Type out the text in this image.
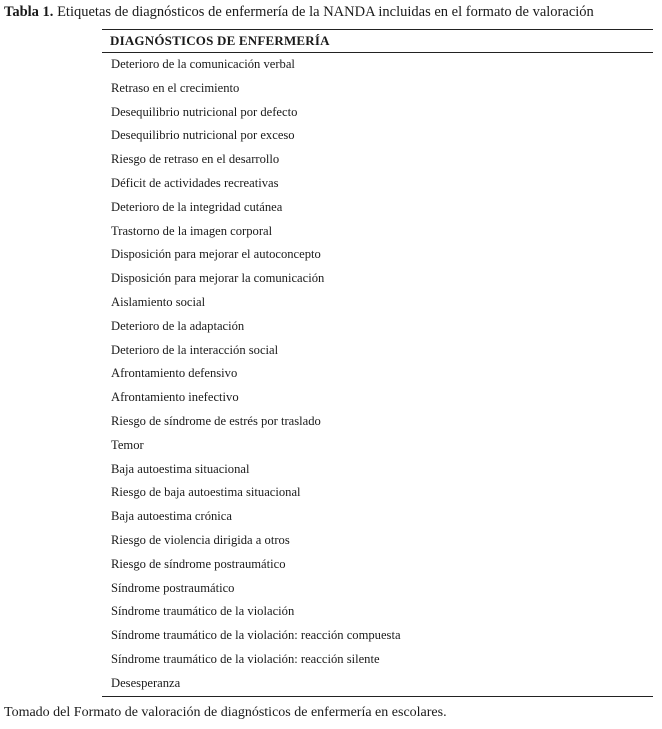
Tabla 1. Etiquetas de diagnósticos de enfermería de la NANDA incluidas en el formato de valoración
DIAGNÓSTICOS DE ENFERMERÍA
Deterioro de la comunicación verbal
Retraso en el crecimiento
Desequilibrio nutricional por defecto
Desequilibrio nutricional por exceso
Riesgo de retraso en el desarrollo
Déficit de actividades recreativas
Deterioro de la integridad cutánea
Trastorno de la imagen corporal
Disposición para mejorar el autoconcepto
Disposición para mejorar la comunicación
Aislamiento social
Deterioro de la adaptación
Deterioro de la interacción social
Afrontamiento defensivo
Afrontamiento inefectivo
Riesgo de síndrome de estrés por traslado
Temor
Baja autoestima situacional
Riesgo de baja autoestima situacional
Baja autoestima crónica
Riesgo de violencia dirigida a otros
Riesgo de síndrome postraumático
Síndrome postraumático
Síndrome traumático de la violación
Síndrome traumático de la violación: reacción compuesta
Síndrome traumático de la violación: reacción silente
Desesperanza
Tomado del Formato de valoración de diagnósticos de enfermería en escolares.
